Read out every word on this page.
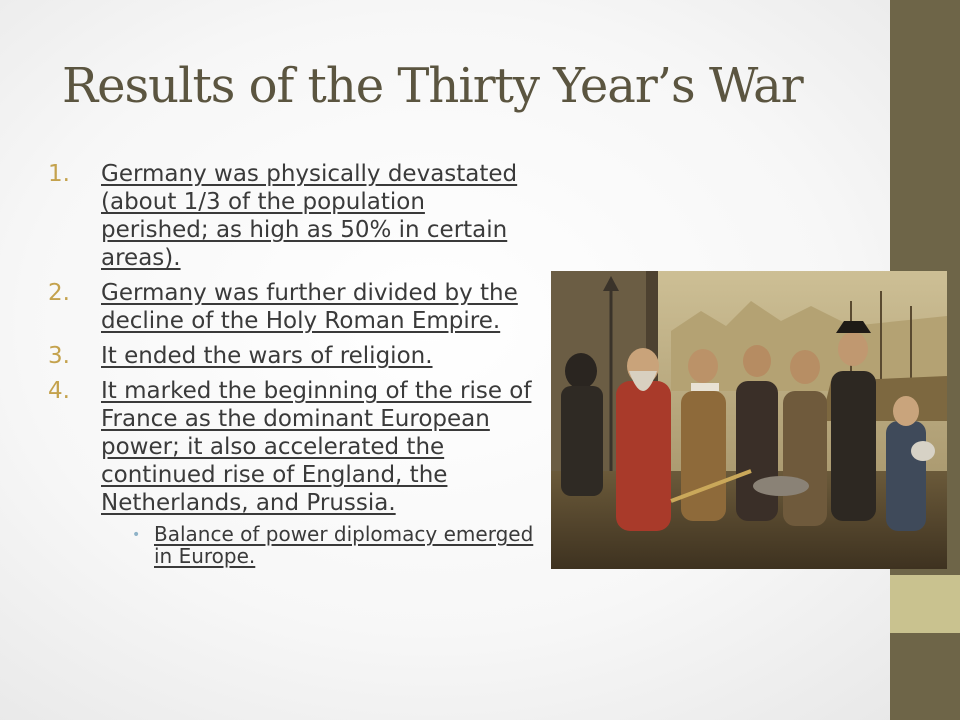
Results of the Thirty Year’s War
1. Germany was physically devastated (about 1/3 of the population perished; as high as 50% in certain areas).
2. Germany was further divided by the decline of the Holy Roman Empire.
3. It ended the wars of religion.
4. It marked the beginning of the rise of France as the dominant European power; it also accelerated the continued rise of England, the Netherlands, and Prussia.
• Balance of power diplomacy emerged in Europe.
